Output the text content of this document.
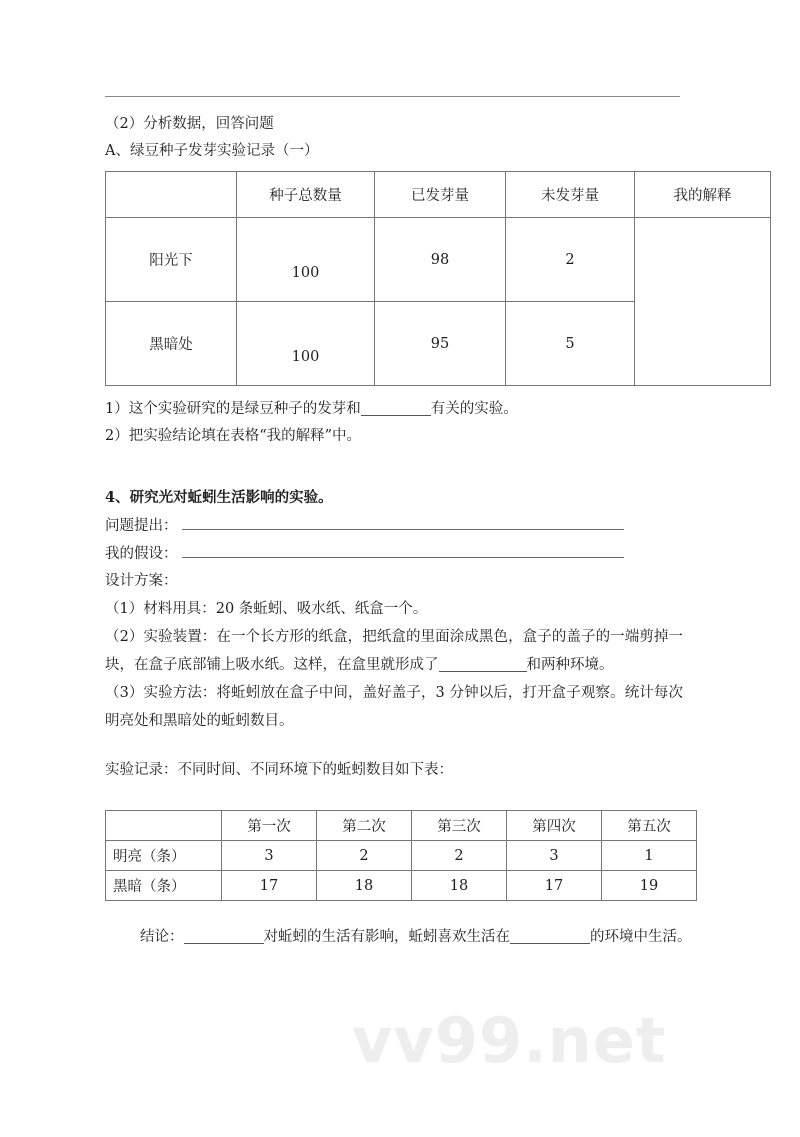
vv99.net
（2）分析数据，回答问题
A、绿豆种子发芽实验记录（一）
	种子总数量	已发芽量	未发芽量	我的解释

阳光下	100	98	2	

黑暗处	100	95	5	
1）这个实验研究的是绿豆种子的发芽和	有关的实验。
2）把实验结论填在表格“我的解释”中。
4、研究光对蚯蚓生活影响的实验。
问题提出：
我的假设：
设计方案：
（1）材料用具：20 条蚯蚓、吸水纸、纸盒一个。
（2）实验装置：在一个长方形的纸盒，把纸盒的里面涂成黑色，盒子的盖子的一端剪掉一块，在盒子底部铺上吸水纸。这样，在盒里就形成了	和两种环境。
（3）实验方法：将蚯蚓放在盒子中间，盖好盖子，3 分钟以后，打开盒子观察。统计每次明亮处和黑暗处的蚯蚓数目。
实验记录：不同时间、不同环境下的蚯蚓数目如下表：
	第一次	第二次	第三次	第四次	第五次
明亮（条）	3	2	2	3	1
黑暗（条）	17	18	18	17	19
结论：	对蚯蚓的生活有影响，蚯蚓喜欢生活在	的环境中生活。
